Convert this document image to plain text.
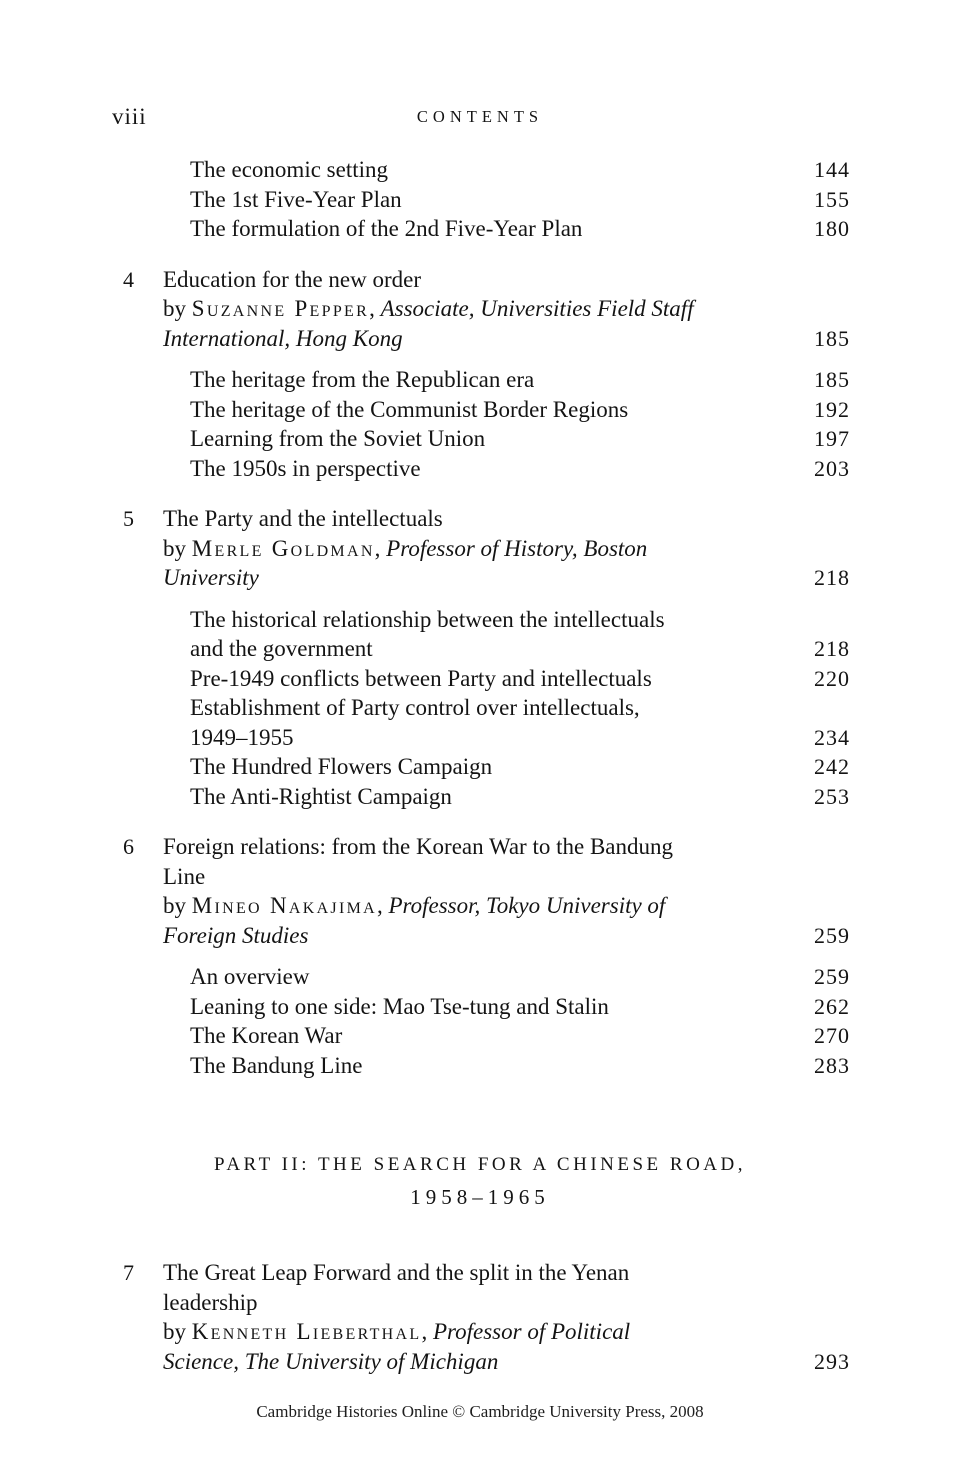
viii	CONTENTS
The economic setting	144
The 1st Five-Year Plan	155
The formulation of the 2nd Five-Year Plan	180
4 Education for the new order
by Suzanne Pepper, Associate, Universities Field Staff
International, Hong Kong	185
The heritage from the Republican era	185
The heritage of the Communist Border Regions	192
Learning from the Soviet Union	197
The 1950s in perspective	203
5 The Party and the intellectuals
by Merle Goldman, Professor of History, Boston
University	218
The historical relationship between the intellectuals
and the government	218
Pre-1949 conflicts between Party and intellectuals	220
Establishment of Party control over intellectuals,
1949–1955	234
The Hundred Flowers Campaign	242
The Anti-Rightist Campaign	253
6 Foreign relations: from the Korean War to the Bandung
Line
by Mineo Nakajima, Professor, Tokyo University of
Foreign Studies	259
An overview	259
Leaning to one side: Mao Tse-tung and Stalin	262
The Korean War	270
The Bandung Line	283
PART II: THE SEARCH FOR A CHINESE ROAD,
1958–1965
7 The Great Leap Forward and the split in the Yenan
leadership
by Kenneth Lieberthal, Professor of Political
Science, The University of Michigan	293
Cambridge Histories Online © Cambridge University Press, 2008
